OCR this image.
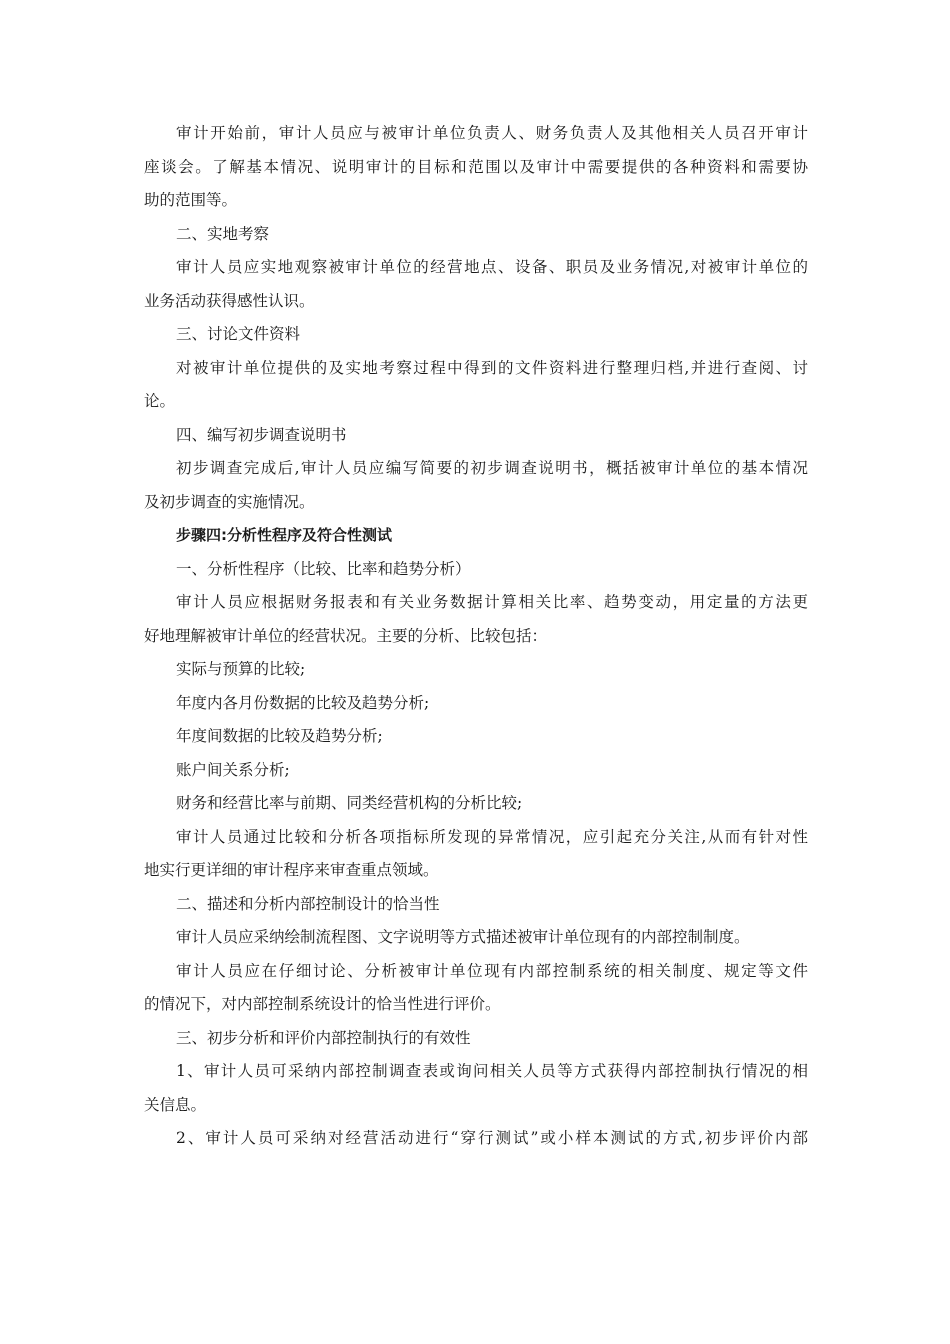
审计开始前，审计人员应与被审计单位负责人、财务负责人及其他相关人员召开审计
座谈会。了解基本情况、说明审计的目标和范围以及审计中需要提供的各种资料和需要协
助的范围等。
二、实地考察
审计人员应实地观察被审计单位的经营地点、设备、职员及业务情况,对被审计单位的
业务活动获得感性认识。
三、讨论文件资料
对被审计单位提供的及实地考察过程中得到的文件资料进行整理归档,并进行查阅、讨
论。
四、编写初步调查说明书
初步调查完成后,审计人员应编写简要的初步调查说明书，概括被审计单位的基本情况
及初步调查的实施情况。
步骤四:分析性程序及符合性测试
一、分析性程序（比较、比率和趋势分析）
审计人员应根据财务报表和有关业务数据计算相关比率、趋势变动，用定量的方法更
好地理解被审计单位的经营状况。主要的分析、比较包括：
实际与预算的比较;
年度内各月份数据的比较及趋势分析;
年度间数据的比较及趋势分析;
账户间关系分析;
财务和经营比率与前期、同类经营机构的分析比较;
审计人员通过比较和分析各项指标所发现的异常情况，应引起充分关注,从而有针对性
地实行更详细的审计程序来审查重点领域。
二、描述和分析内部控制设计的恰当性
审计人员应采纳绘制流程图、文字说明等方式描述被审计单位现有的内部控制制度。
审计人员应在仔细讨论、分析被审计单位现有内部控制系统的相关制度、规定等文件
的情况下，对内部控制系统设计的恰当性进行评价。
三、初步分析和评价内部控制执行的有效性
1、审计人员可采纳内部控制调查表或询问相关人员等方式获得内部控制执行情况的相
关信息。
2、审计人员可采纳对经营活动进行“穿行测试”或小样本测试的方式,初步评价内部
